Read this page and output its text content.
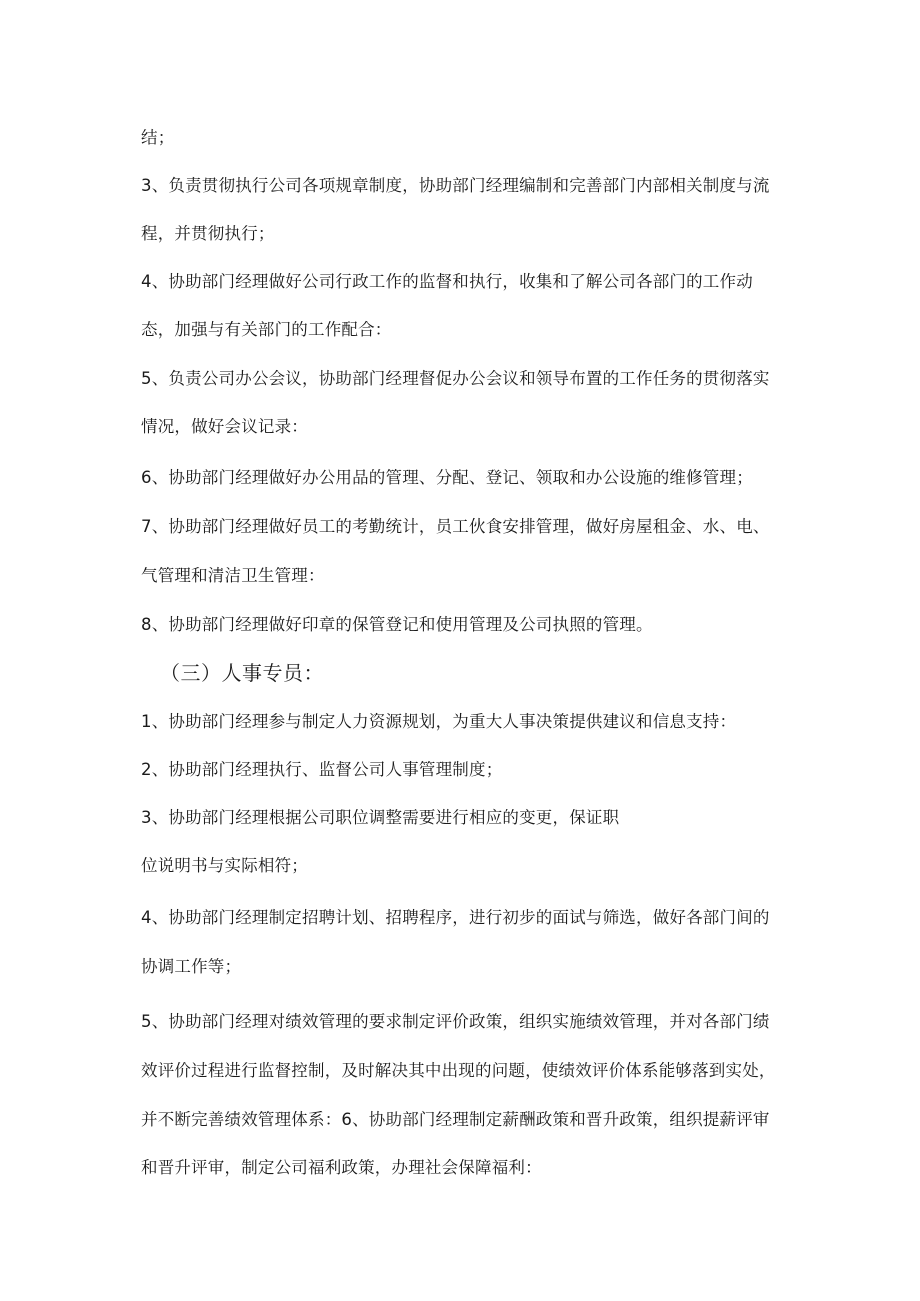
结；
3、负责贯彻执行公司各项规章制度，协助部门经理编制和完善部门内部相关制度与流
程，并贯彻执行；
4、协助部门经理做好公司行政工作的监督和执行，收集和了解公司各部门的工作动
态，加强与有关部门的工作配合：
5、负责公司办公会议，协助部门经理督促办公会议和领导布置的工作任务的贯彻落实
情况，做好会议记录：
6、协助部门经理做好办公用品的管理、分配、登记、领取和办公设施的维修管理；
7、协助部门经理做好员工的考勤统计，员工伙食安排管理，做好房屋租金、水、电、
气管理和清洁卫生管理：
8、协助部门经理做好印章的保管登记和使用管理及公司执照的管理。
（三）人事专员：
1、协助部门经理参与制定人力资源规划，为重大人事决策提供建议和信息支持：
2、协助部门经理执行、监督公司人事管理制度；
3、协助部门经理根据公司职位调整需要进行相应的变更，保证职
位说明书与实际相符；
4、协助部门经理制定招聘计划、招聘程序，进行初步的面试与筛选，做好各部门间的
协调工作等；
5、协助部门经理对绩效管理的要求制定评价政策，组织实施绩效管理，并对各部门绩
效评价过程进行监督控制，及时解决其中出现的问题，使绩效评价体系能够落到实处，
并不断完善绩效管理体系：6、协助部门经理制定薪酬政策和晋升政策，组织提薪评审
和晋升评审，制定公司福利政策，办理社会保障福利：
